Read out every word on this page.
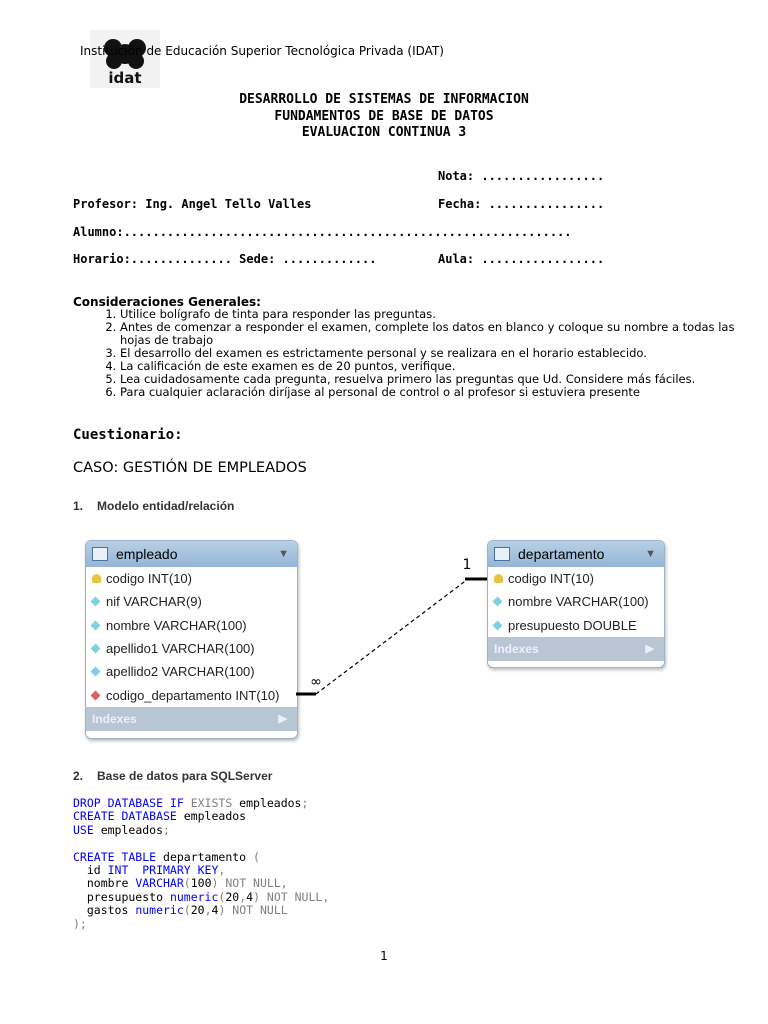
idat
Institución de Educación Superior Tecnológica Privada (IDAT)
DESARROLLO DE SISTEMAS DE INFORMACION
FUNDAMENTOS DE BASE DE DATOS
EVALUACION CONTINUA 3
Nota: .................
Profesor: Ing. Angel Tello Valles	Fecha: ................
Alumno:..............................................................
Horario:.............. Sede: .............	Aula: .................
Consideraciones Generales:
1. Utilice bolígrafo de tinta para responder las preguntas.
2. Antes de comenzar a responder el examen, complete los datos en blanco y coloque su nombre a todas las hojas de trabajo
3. El desarrollo del examen es estrictamente personal y se realizara en el horario establecido.
4. La calificación de este examen es de 20 puntos, verifique.
5. Lea cuidadosamente cada pregunta, resuelva primero las preguntas que Ud. Considere más fáciles.
6. Para cualquier aclaración diríjase al personal de control o al profesor si estuviera presente
Cuestionario:
CASO: GESTIÓN DE EMPLEADOS
1. Modelo entidad/relación
empleado	▼
codigo INT(10)
nif VARCHAR(9)
nombre VARCHAR(100)
apellido1 VARCHAR(100)
apellido2 VARCHAR(100)
codigo_departamento INT(10)
Indexes	▶
departamento	▼
codigo INT(10)
nombre VARCHAR(100)
presupuesto DOUBLE
Indexes	▶
1
∞
2. Base de datos para SQLServer
DROP DATABASE IF EXISTS empleados;
CREATE DATABASE empleados
USE empleados;

CREATE TABLE departamento (
id INT  PRIMARY KEY,
nombre VARCHAR(100) NOT NULL,
presupuesto numeric(20,4) NOT NULL,
gastos numeric(20,4) NOT NULL
);
1
